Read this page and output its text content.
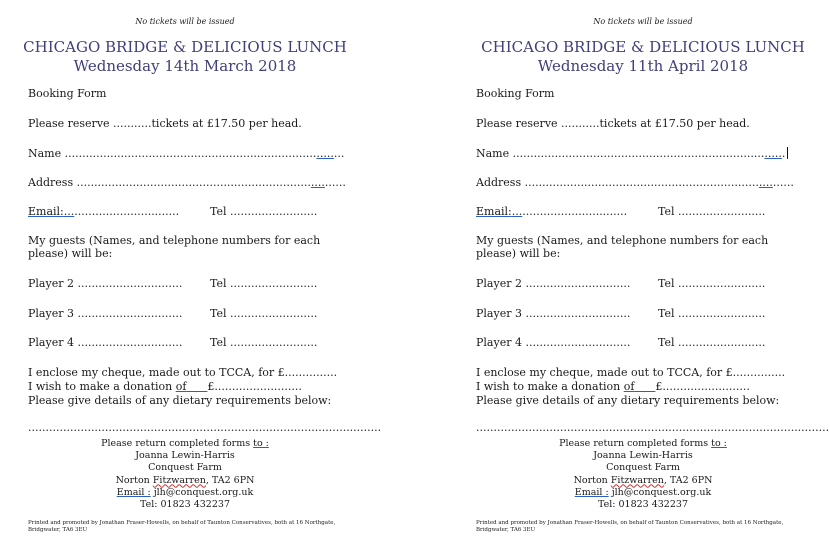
No tickets will be issued
CHICAGO BRIDGE & DELICIOUS LUNCH
Wednesday 14th March 2018
Booking Form
Please reserve ...........tickets at £17.50 per head.
Name ................................................................................
Address .............................................................................
Email:.................................	Tel .........................
My guests (Names, and telephone numbers for each please) will be:
Player 2 ..............................	Tel .........................
Player 3 ..............................	Tel .........................
Player 4 ..............................	Tel .........................
I enclose my cheque, made out to TCCA, for £...............
I wish to make a donation of £.........................
Please give details of any dietary requirements below:
.....................................................................................................
Please return completed forms to :
Joanna Lewin-Harris
Conquest Farm
Norton Fitzwarren, TA2 6PN
Email : jlh@conquest.org.uk
Tel: 01823 432237
Printed and promoted by Jonathan Fraser-Howells, on behalf of Taunton Conservatives, both at 16 Northgate, Bridgwater, TA6 3EU
No tickets will be issued
CHICAGO BRIDGE & DELICIOUS LUNCH
Wednesday 11th April 2018
Booking Form
Please reserve ...........tickets at £17.50 per head.
Name ..............................................................................
Address .............................................................................
Email:.................................	Tel .........................
My guests (Names, and telephone numbers for each please) will be:
Player 2 ..............................	Tel .........................
Player 3 ..............................	Tel .........................
Player 4 ..............................	Tel .........................
I enclose my cheque, made out to TCCA, for £...............
I wish to make a donation of £.........................
Please give details of any dietary requirements below:
.....................................................................................................
Please return completed forms to :
Joanna Lewin-Harris
Conquest Farm
Norton Fitzwarren, TA2 6PN
Email : jlh@conquest.org.uk
Tel: 01823 432237
Printed and promoted by Jonathan Fraser-Howells, on behalf of Taunton Conservatives, both at 16 Northgate, Bridgwater, TA6 3EU
